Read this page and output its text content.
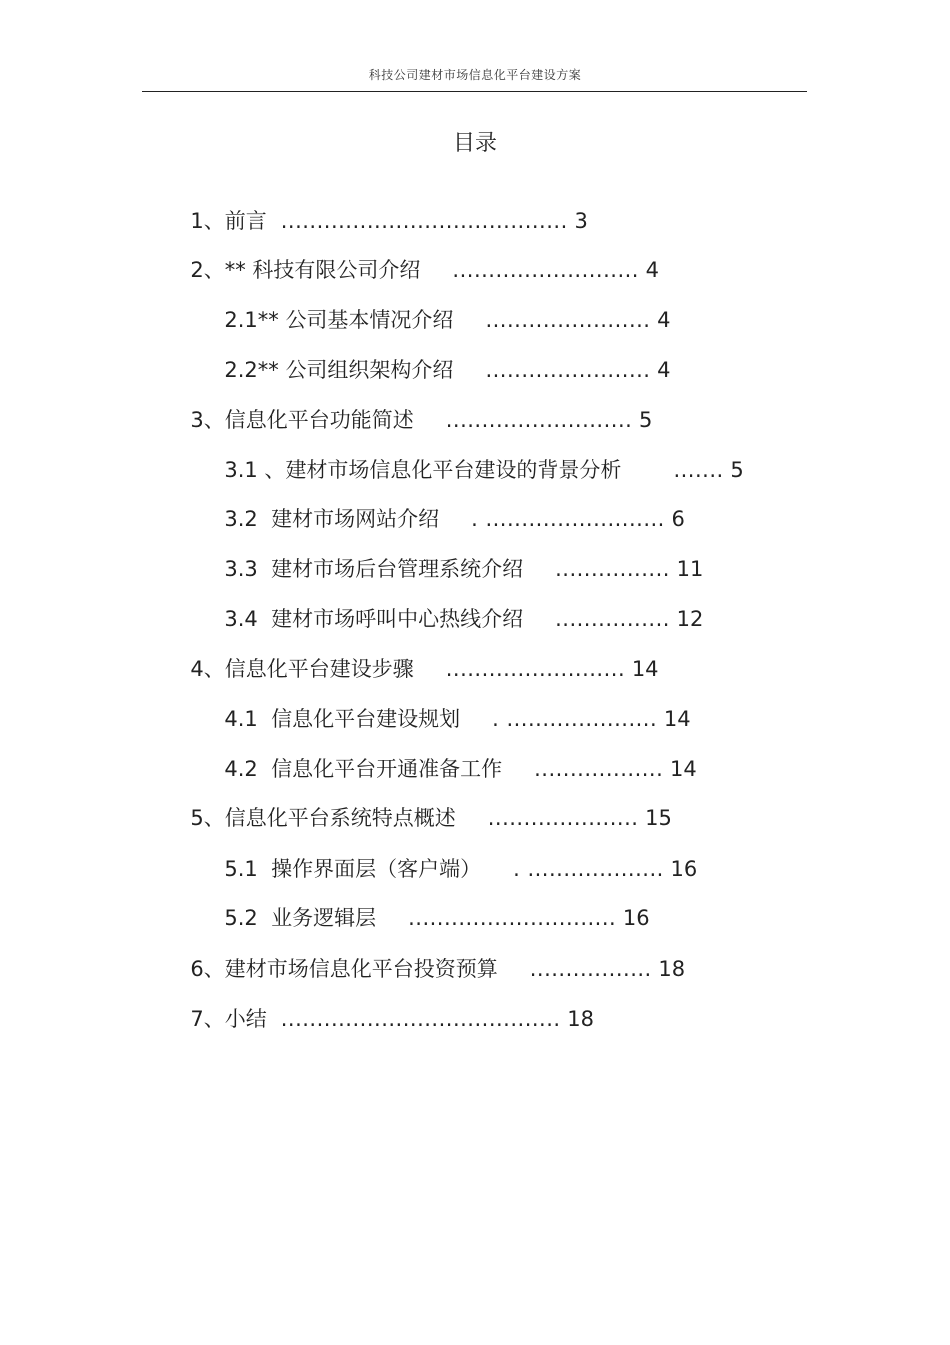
科技公司建材市场信息化平台建设方案
目录

1、前言 ........................................ 3

2、** 科技有限公司介绍 .......................... 4

2.1** 公司基本情况介绍 ....................... 4

2.2** 公司组织架构介绍 ....................... 4

3、信息化平台功能简述 .......................... 5

3.1 、建材市场信息化平台建设的背景分析 ....... 5

3.2  建材市场网站介绍 . ......................... 6

3.3  建材市场后台管理系统介绍 ................ 11

3.4  建材市场呼叫中心热线介绍 ................ 12

4、信息化平台建设步骤 ......................... 14

4.1  信息化平台建设规划 . ..................... 14

4.2  信息化平台开通准备工作 .................. 14

5、信息化平台系统特点概述 ..................... 15

5.1  操作界面层（客户端） . ................... 16

5.2  业务逻辑层 ............................. 16

6、建材市场信息化平台投资预算 ................. 18

7、小结 ....................................... 18
